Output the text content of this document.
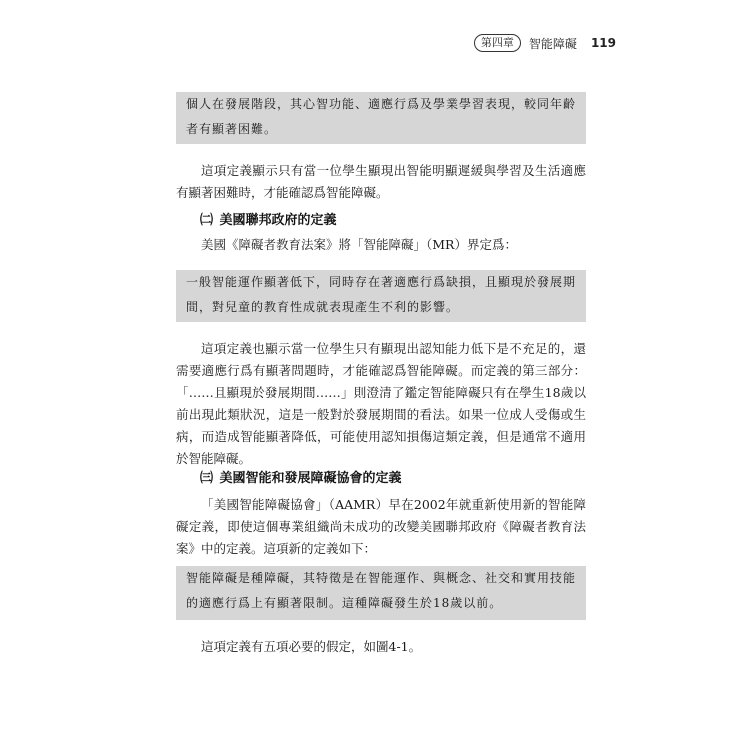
第四章	智能障礙 119
個人在發展階段，其心智功能、適應行爲及學業學習表現，較同年齡者有顯著困難。

這項定義顯示只有當一位學生顯現出智能明顯遲緩與學習及生活適應有顯著困難時，才能確認爲智能障礙。

㈡ 美國聯邦政府的定義

美國《障礙者教育法案》將「智能障礙」（MR）界定爲：

一般智能運作顯著低下，同時存在著適應行爲缺損，且顯現於發展期間，對兒童的教育性成就表現產生不利的影響。

這項定義也顯示當一位學生只有顯現出認知能力低下是不充足的，還需要適應行爲有顯著問題時，才能確認爲智能障礙。而定義的第三部分：「……且顯現於發展期間……」則澄清了鑑定智能障礙只有在學生18歲以前出現此類狀況，這是一般對於發展期間的看法。如果一位成人受傷或生病，而造成智能顯著降低，可能使用認知損傷這類定義，但是通常不適用於智能障礙。

㈢ 美國智能和發展障礙協會的定義

「美國智能障礙協會」（AAMR）早在2002年就重新使用新的智能障礙定義，即使這個專業組織尚未成功的改變美國聯邦政府《障礙者教育法案》中的定義。這項新的定義如下：

智能障礙是種障礙，其特徵是在智能運作、與概念、社交和實用技能的適應行爲上有顯著限制。這種障礙發生於18歲以前。

這項定義有五項必要的假定，如圖4-1。
